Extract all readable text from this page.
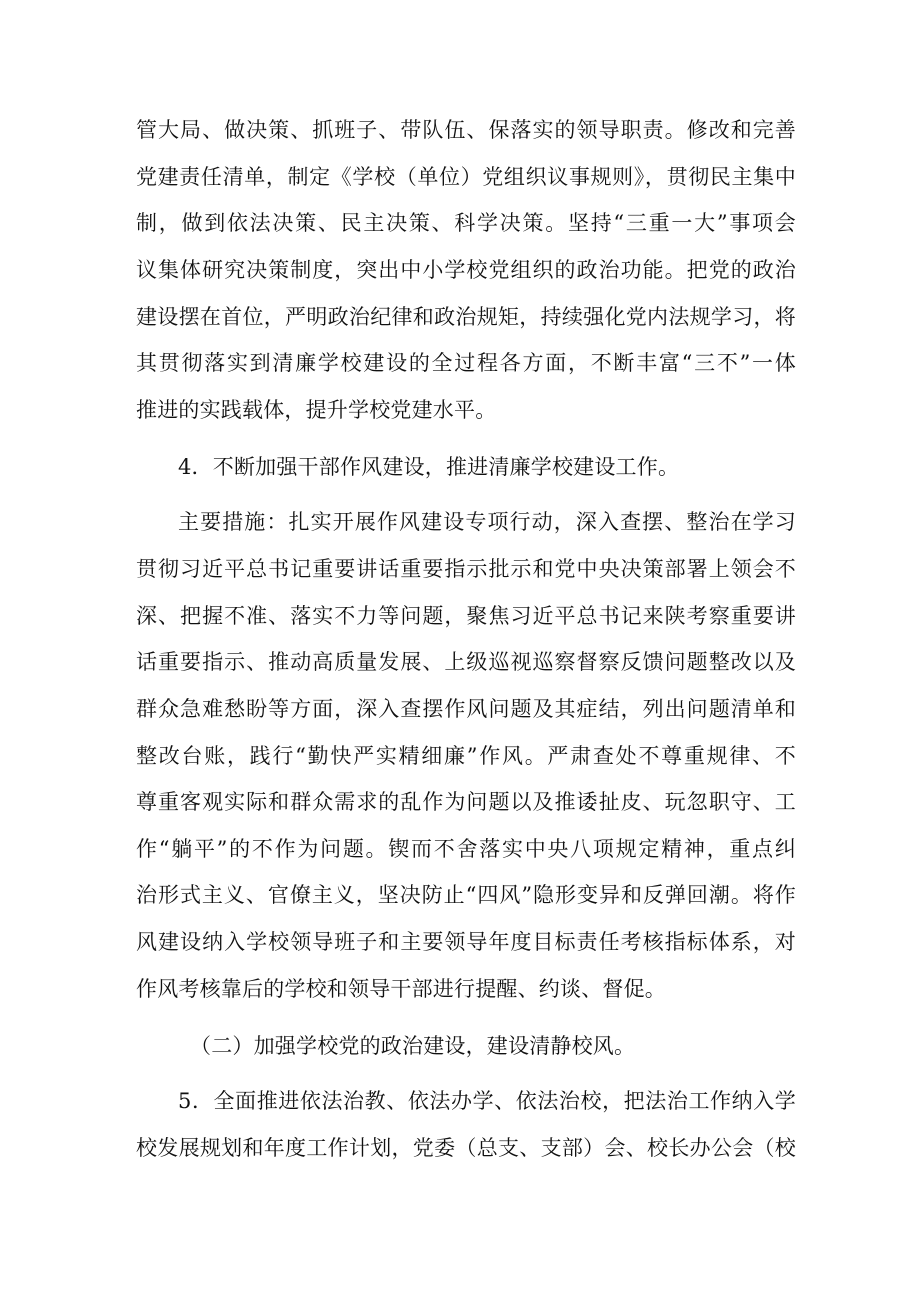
管大局、做决策、抓班子、带队伍、保落实的领导职责。修改和完善
党建责任清单，制定《学校（单位）党组织议事规则》，贯彻民主集中
制，做到依法决策、民主决策、科学决策。坚持“三重一大”事项会
议集体研究决策制度，突出中小学校党组织的政治功能。把党的政治
建设摆在首位，严明政治纪律和政治规矩，持续强化党内法规学习，将
其贯彻落实到清廉学校建设的全过程各方面，不断丰富“三不”一体
推进的实践载体，提升学校党建水平。
4．不断加强干部作风建设，推进清廉学校建设工作。
主要措施：扎实开展作风建设专项行动，深入查摆、整治在学习
贯彻习近平总书记重要讲话重要指示批示和党中央决策部署上领会不
深、把握不准、落实不力等问题，聚焦习近平总书记来陕考察重要讲
话重要指示、推动高质量发展、上级巡视巡察督察反馈问题整改以及
群众急难愁盼等方面，深入查摆作风问题及其症结，列出问题清单和
整改台账，践行“勤快严实精细廉”作风。严肃查处不尊重规律、不
尊重客观实际和群众需求的乱作为问题以及推诿扯皮、玩忽职守、工
作“躺平”的不作为问题。锲而不舍落实中央八项规定精神，重点纠
治形式主义、官僚主义，坚决防止“四风”隐形变异和反弹回潮。将作
风建设纳入学校领导班子和主要领导年度目标责任考核指标体系，对
作风考核靠后的学校和领导干部进行提醒、约谈、督促。
（二）加强学校党的政治建设，建设清静校风。
5．全面推进依法治教、依法办学、依法治校，把法治工作纳入学
校发展规划和年度工作计划，党委（总支、支部）会、校长办公会（校
